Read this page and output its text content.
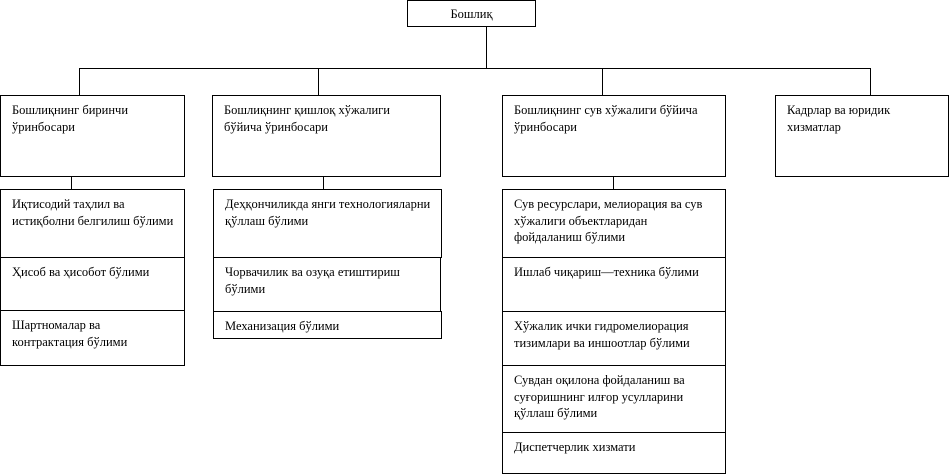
Бошлиқ
Бошлиқнинг биринчи ўринбосари
Бошлиқнинг қишлоқ хўжалиги бўйича ўринбосари
Бошлиқнинг сув хўжалиги бўйича ўринбосари
Кадрлар ва юридик хизматлар
Иқтисодий таҳлил ва истиқболни белгилиш бўлими
Ҳисоб ва ҳисобот бўлими
Шартномалар ва контрактация бўлими
Деҳқончиликда янги технологияларни қўллаш бўлими
Чорвачилик ва озуқа етиштириш бўлими
Механизация бўлими
Сув ресурслари, мелиорация ва сув хўжалиги объектларидан фойдаланиш бўлими
Ишлаб чиқариш—техника бўлими
Хўжалик ички гидромелиорация тизимлари ва иншоотлар бўлими
Сувдан оқилона фойдаланиш ва суғоришнинг илғор усулларини қўллаш бўлими
Диспетчерлик хизмати
